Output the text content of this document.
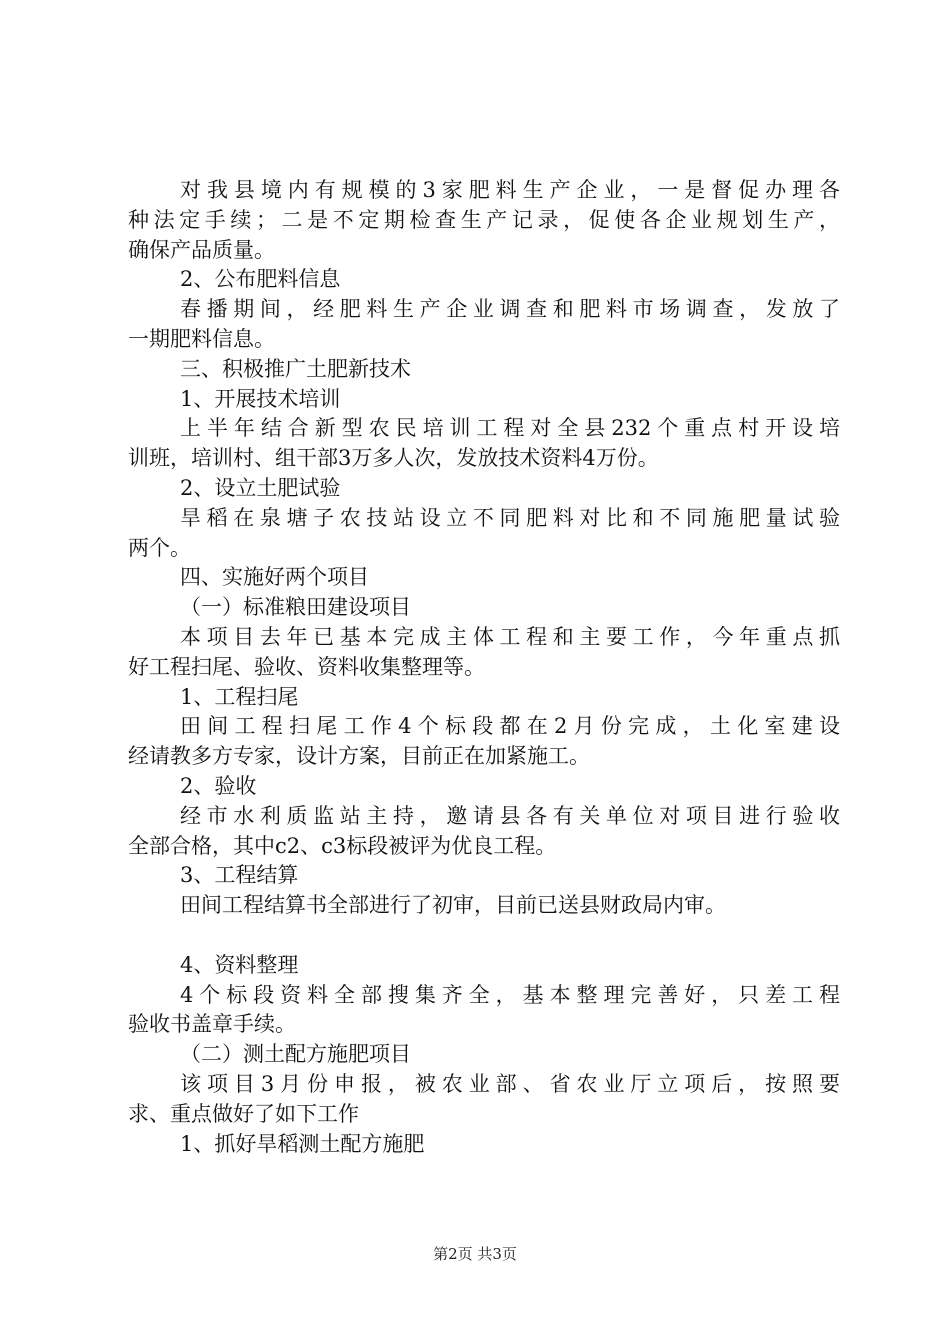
对我县境内有规模的3家肥料生产企业，一是督促办理各
种法定手续；二是不定期检查生产记录，促使各企业规划生产，
确保产品质量。
2、公布肥料信息
春播期间，经肥料生产企业调查和肥料市场调查，发放了
一期肥料信息。
三、积极推广土肥新技术
1、开展技术培训
上半年结合新型农民培训工程对全县232个重点村开设培
训班，培训村、组干部3万多人次，发放技术资料4万份。
2、设立土肥试验
旱稻在泉塘子农技站设立不同肥料对比和不同施肥量试验
两个。
四、实施好两个项目
（一）标准粮田建设项目
本项目去年已基本完成主体工程和主要工作，今年重点抓
好工程扫尾、验收、资料收集整理等。
1、工程扫尾
田间工程扫尾工作4个标段都在2月份完成，土化室建设
经请教多方专家，设计方案，目前正在加紧施工。
2、验收
经市水利质监站主持，邀请县各有关单位对项目进行验收
全部合格，其中c2、c3标段被评为优良工程。
3、工程结算
田间工程结算书全部进行了初审，目前已送县财政局内审。
4、资料整理
4个标段资料全部搜集齐全，基本整理完善好，只差工程
验收书盖章手续。
（二）测土配方施肥项目
该项目3月份申报，被农业部、省农业厅立项后，按照要
求、重点做好了如下工作
1、抓好旱稻测土配方施肥
第2页 共3页
